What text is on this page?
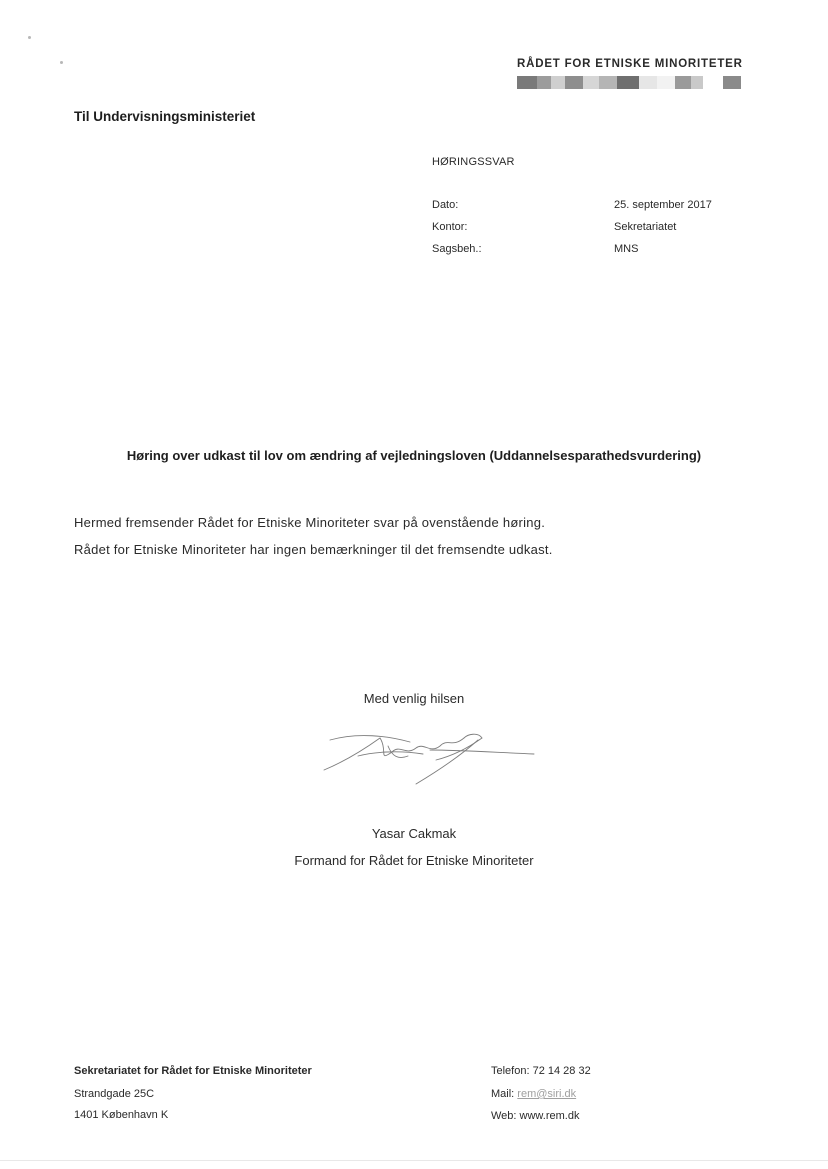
RÅDET FOR ETNISKE MINORITETER
Til Undervisningsministeriet
HØRINGSSVAR
Dato:	25. september 2017
Kontor:	Sekretariatet
Sagsbeh.:	MNS
Høring over udkast til lov om ændring af vejledningsloven (Uddannelsesparathedsvurdering)
Hermed fremsender Rådet for Etniske Minoriteter svar på ovenstående høring.
Rådet for Etniske Minoriteter har ingen bemærkninger til det fremsendte udkast.
Med venlig hilsen
Yasar Cakmak
Formand for Rådet for Etniske Minoriteter
Sekretariatet for Rådet for Etniske Minoriteter
Strandgade 25C
1401 København K
Telefon: 72 14 28 32
Mail: rem@siri.dk
Web: www.rem.dk
